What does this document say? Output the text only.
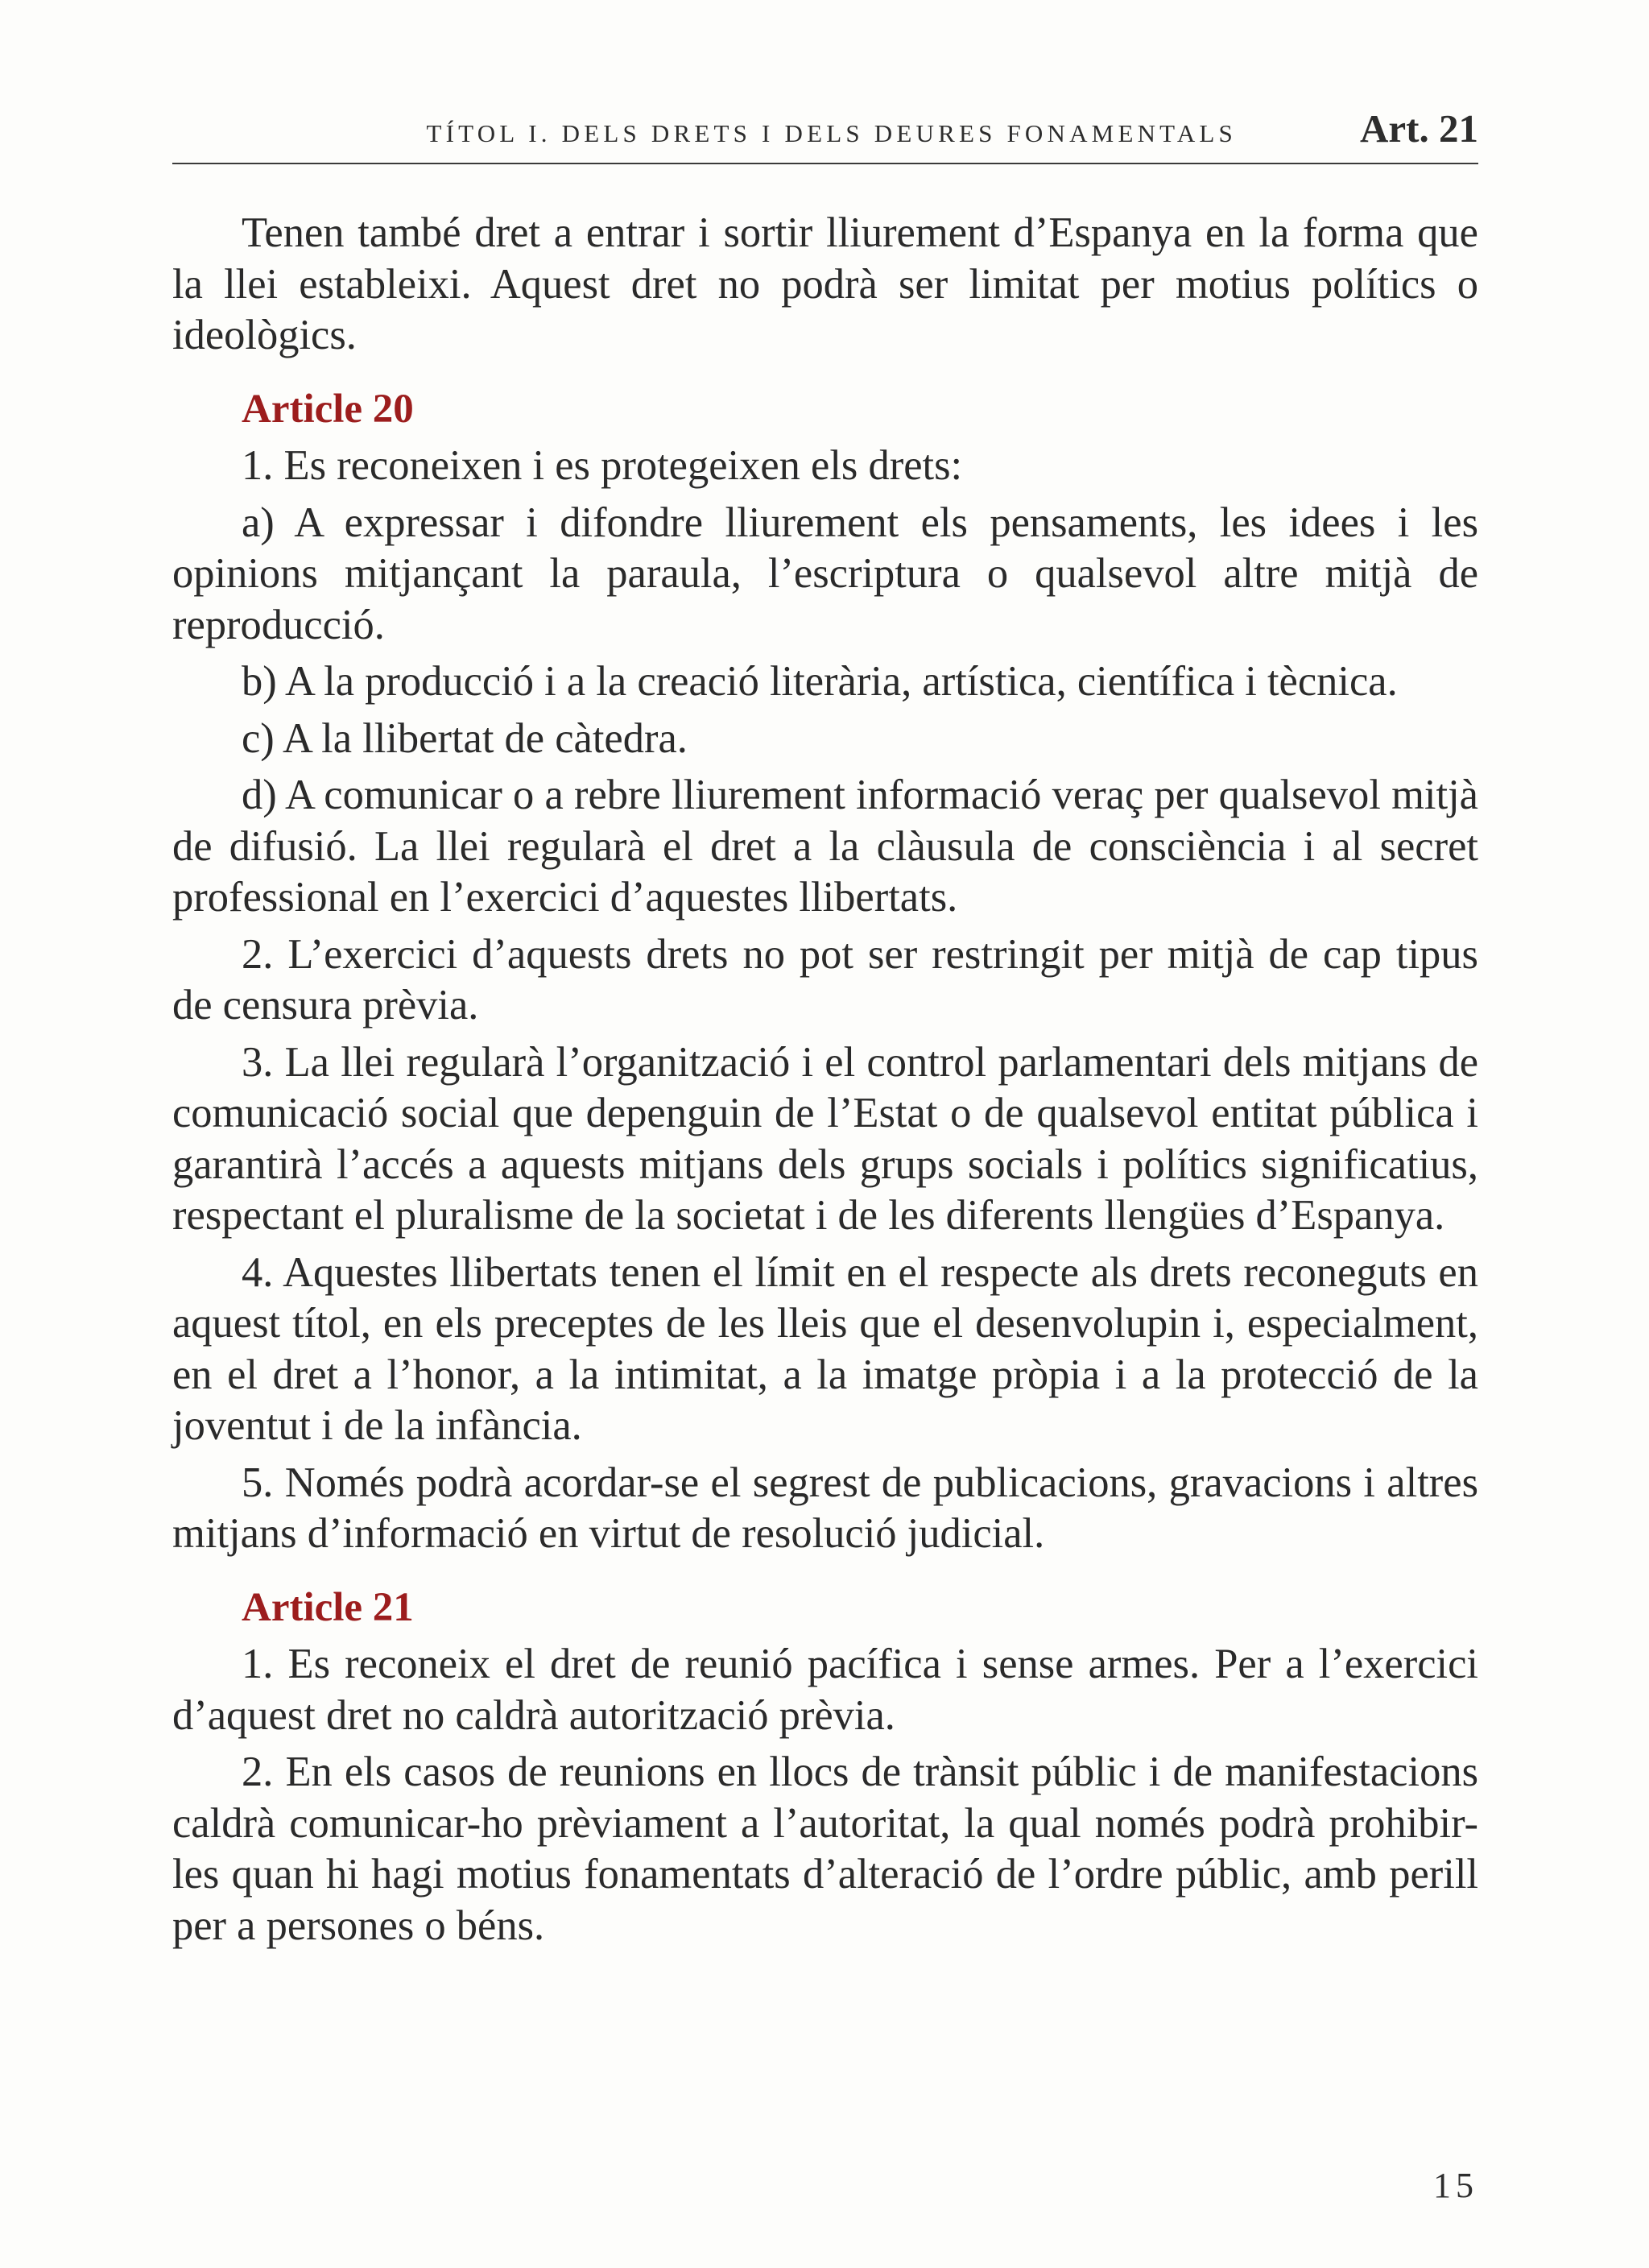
TÍTOL I. DELS DRETS I DELS DEURES FONAMENTALS	Art. 21

Tenen també dret a entrar i sortir lliurement d’Espanya en la forma que la llei estableixi. Aquest dret no podrà ser limitat per motius polítics o ideològics.

Article 20

1. Es reconeixen i es protegeixen els drets:

a) A expressar i difondre lliurement els pensaments, les idees i les opinions mitjançant la paraula, l’escriptura o qualsevol altre mitjà de reproducció.

b) A la producció i a la creació literària, artística, científica i tècnica.

c) A la llibertat de càtedra.

d) A comunicar o a rebre lliurement informació veraç per qualsevol mitjà de difusió. La llei regularà el dret a la clàusula de consciència i al secret professional en l’exercici d’aquestes llibertats.

2. L’exercici d’aquests drets no pot ser restringit per mitjà de cap tipus de censura prèvia.

3. La llei regularà l’organització i el control parlamentari dels mitjans de comunicació social que depenguin de l’Estat o de qualsevol entitat pública i garantirà l’accés a aquests mitjans dels grups socials i polítics significatius, respectant el pluralisme de la societat i de les diferents llengües d’Espanya.

4. Aquestes llibertats tenen el límit en el respecte als drets reconeguts en aquest títol, en els preceptes de les lleis que el desenvolupin i, especialment, en el dret a l’honor, a la intimitat, a la imatge pròpia i a la protecció de la joventut i de la infància.

5. Només podrà acordar-se el segrest de publicacions, gravacions i altres mitjans d’informació en virtut de resolució judicial.

Article 21

1. Es reconeix el dret de reunió pacífica i sense armes. Per a l’exercici d’aquest dret no caldrà autorització prèvia.

2. En els casos de reunions en llocs de trànsit públic i de manifestacions caldrà comunicar-ho prèviament a l’autoritat, la qual només podrà prohibir-les quan hi hagi motius fonamentats d’alteració de l’ordre públic, amb perill per a persones o béns.

15
